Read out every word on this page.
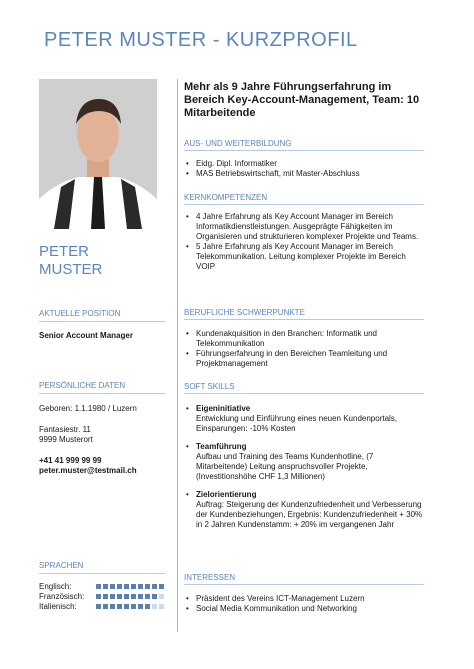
PETER MUSTER - KURZPROFIL
PETER
MUSTER
AKTUELLE POSITION
Senior Account Manager
PERSÖNLICHE DATEN
Geboren: 1.1.1980 / Luzern
Fantasiestr. 11
9999 Musterort
+41 41 999 99 99
peter.muster@testmail.ch
SPRACHEN
Englisch:
Französisch:
Italienisch:
Mehr als 9 Jahre Führungserfahrung im Bereich Key-Account-Management, Team: 10 Mitarbeitende
AUS- UND WEITERBILDUNG
• Eidg. Dipl. Informatiker
• MAS Betriebswirtschaft, mit Master-Abschluss
KERNKOMPETENZEN
• 4 Jahre Erfahrung als Key Account Manager im Bereich Informatikdienstleistungen. Ausgeprägte Fähigkeiten im Organisieren und strukturieren komplexer Projekte und Teams.
• 5 Jahre Erfahrung als Key Account Manager im Bereich Telekommunikation. Leitung komplexer Projekte im Bereich VOIP
BERUFLICHE SCHWERPUNKTE
• Kundenakquisition in den Branchen: Informatik und Telekommunikation
• Führungserfahrung in den Bereichen Teamleitung und Projektmanagement
SOFT SKILLS
• Eigeninitiative
Entwicklung und Einführung eines neuen Kundenportals, Einsparungen: -10% Kosten
• Teamführung
Aufbau und Training des Teams Kundenhotline, (7 Mitarbeitende) Leitung anspruchsvoller Projekte, (Investitionshöhe CHF 1,3 Millionen)
• Zielorientierung
Auftrag: Steigerung der Kundenzufriedenheit und Verbesserung der Kundenbeziehungen, Ergebnis: Kundenzufriedenheit + 30% in 2 Jahren Kundenstamm: + 20% im vergangenen Jahr
INTERESSEN
• Präsident des Vereins ICT-Management Luzern
• Social Media Kommunikation und Networking
